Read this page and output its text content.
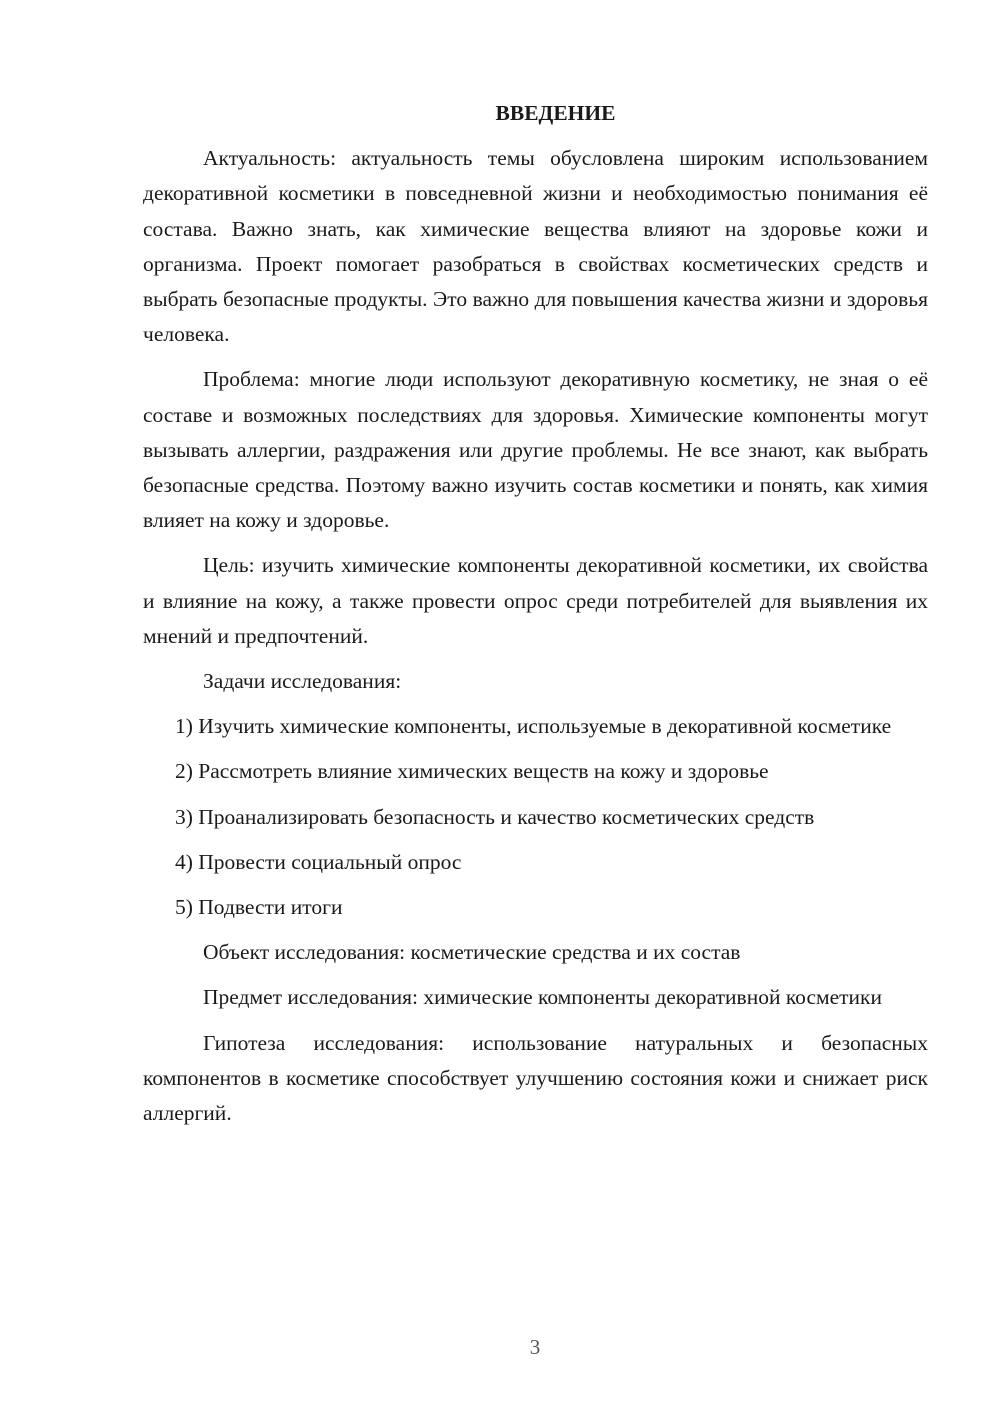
ВВЕДЕНИЕ

Актуальность: актуальность темы обусловлена широким использованием декоративной косметики в повседневной жизни и необходимостью понимания её состава. Важно знать, как химические вещества влияют на здоровье кожи и организма. Проект помогает разобраться в свойствах косметических средств и выбрать безопасные продукты. Это важно для повышения качества жизни и здоровья человека.

Проблема: многие люди используют декоративную косметику, не зная о её составе и возможных последствиях для здоровья. Химические компоненты могут вызывать аллергии, раздражения или другие проблемы. Не все знают, как выбрать безопасные средства. Поэтому важно изучить состав косметики и понять, как химия влияет на кожу и здоровье.

Цель: изучить химические компоненты декоративной косметики, их свойства и влияние на кожу, а также провести опрос среди потребителей для выявления их мнений и предпочтений.

Задачи исследования:

1) Изучить химические компоненты, используемые в декоративной косметике

2) Рассмотреть влияние химических веществ на кожу и здоровье

3) Проанализировать безопасность и качество косметических средств

4) Провести социальный опрос

5) Подвести итоги

Объект исследования: косметические средства и их состав

Предмет исследования: химические компоненты декоративной косметики

Гипотеза исследования: использование натуральных и безопасных компонентов в косметике способствует улучшению состояния кожи и снижает риск аллергий.

3
